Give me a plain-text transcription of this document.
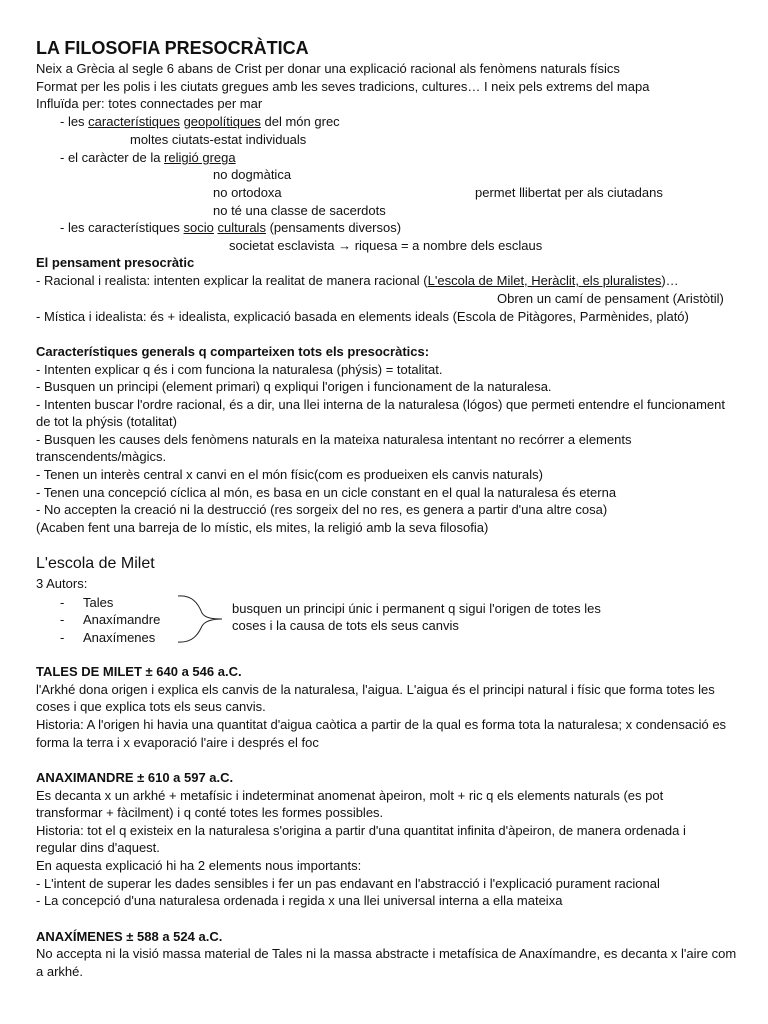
LA FILOSOFIA PRESOCRÀTICA
Neix a Grècia al segle 6 abans de Crist per donar una explicació racional als fenòmens naturals físics
Format per les polis i les ciutats gregues amb les seves tradicions, cultures… I neix pels extrems del mapa
Influïda per: totes connectades per mar
- les característiques geopolítiques del món grec
moltes ciutats-estat individuals
- el caràcter de la religió grega
no dogmàtica
no ortodoxa	permet llibertat per als ciutadans
no té una classe de sacerdots
- les característiques socio culturals (pensaments diversos)
societat esclavista → riquesa = a nombre dels esclaus
El pensament presocràtic
- Racional i realista: intenten explicar la realitat de manera racional (L'escola de Milet, Heràclit, els pluralistes)…
Obren un camí de pensament (Aristòtil)
- Mística i idealista: és + idealista, explicació basada en elements ideals (Escola de Pitàgores, Parmènides, plató)
Característiques generals q comparteixen tots els presocràtics:
- Intenten explicar q és i com funciona la naturalesa (phýsis) = totalitat.
- Busquen un principi (element primari) q expliqui l'origen i funcionament de la naturalesa.
- Intenten buscar l'ordre racional, és a dir, una llei interna de la naturalesa (lógos) que permeti entendre el funcionament
de tot la phýsis (totalitat)
- Busquen les causes dels fenòmens naturals en la mateixa naturalesa intentant no recórrer a elements
transcendents/màgics.
- Tenen un interès central x canvi en el món físic(com es produeixen els canvis naturals)
- Tenen una concepció cíclica al món, es basa en un cicle constant en el qual la naturalesa és eterna
- No accepten la creació ni la destrucció (res sorgeix del no res, es genera a partir d'una altre cosa)
(Acaben fent una barreja de lo místic, els mites, la religió amb la seva filosofia)
L'escola de Milet
3 Autors:
- Tales
- Anaxímandre
- Anaxímenes
busquen un principi únic i permanent q sigui l'origen de totes les
coses i la causa de tots els seus canvis
TALES DE MILET ± 640 a 546 a.C.
l'Arkhé dona origen i explica els canvis de la naturalesa, l'aigua. L'aigua és el principi natural i físic que forma totes les
coses i que explica tots els seus canvis.
Historia: A l'origen hi havia una quantitat d'aigua caòtica a partir de la qual es forma tota la naturalesa; x condensació es
forma la terra i x evaporació l'aire i després el foc
ANAXIMANDRE ± 610 a 597 a.C.
Es decanta x un arkhé + metafísic i indeterminat anomenat àpeiron, molt + ric q els elements naturals (es pot
transformar + fàcilment) i q conté totes les formes possibles.
Historia: tot el q existeix en la naturalesa s'origina a partir d'una quantitat infinita d'àpeiron, de manera ordenada i
regular dins d'aquest.
En aquesta explicació hi ha 2 elements nous importants:
- L'intent de superar les dades sensibles i fer un pas endavant en l'abstracció i l'explicació purament racional
- La concepció d'una naturalesa ordenada i regida x una llei universal interna a ella mateixa
ANAXÍMENES ± 588 a 524 a.C.
No accepta ni la visió massa material de Tales ni la massa abstracte i metafísica de Anaxímandre, es decanta x l'aire com
a arkhé.
